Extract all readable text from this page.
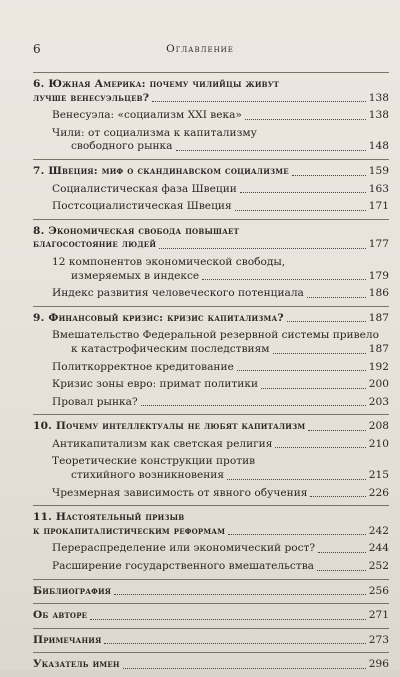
6	Оглавление
6. Южная Америка: почему чилийцы живут
лучше венесуэльцев?	138
Венесуэла: «социализм XXI века»	138
Чили: от социализма к капитализму
свободного рынка	148
7. Швеция: миф о скандинавском социализме	159
Социалистическая фаза Швеции	163
Постсоциалистическая Швеция	171
8. Экономическая свобода повышает
благосостояние людей	177
12 компонентов экономической свободы,
измеряемых в индексе	179
Индекс развития человеческого потенциала	186
9. Финансовый кризис: кризис капитализма?	187
Вмешательство Федеральной резервной системы привело
к катастрофическим последствиям	187
Политкорректное кредитование	192
Кризис зоны евро: примат политики	200
Провал рынка?	203
10. Почему интеллектуалы не любят капитализм	208
Антикапитализм как светская религия	210
Теоретические конструкции против
стихийного возникновения	215
Чрезмерная зависимость от явного обучения	226
11. Настоятельный призыв
к прокапиталистическим реформам	242
Перераспределение или экономический рост?	244
Расширение государственного вмешательства	252
Библиография	256
Об авторе	271
Примечания	273
Указатель имен	296
